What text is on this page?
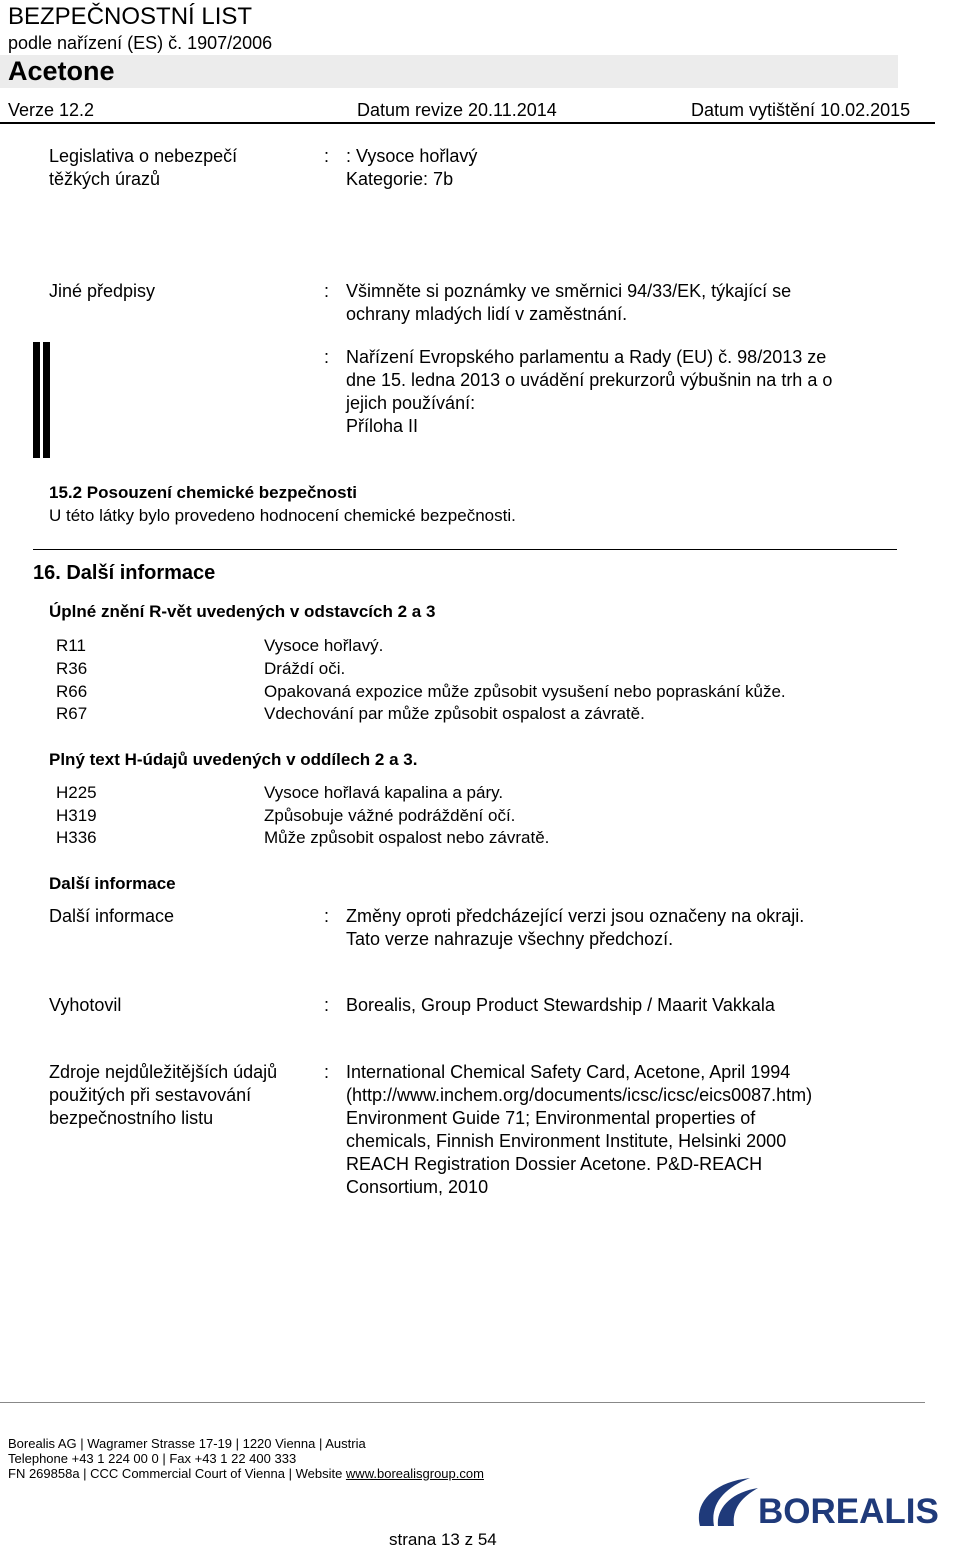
BEZPEČNOSTNÍ LIST
podle nařízení (ES) č. 1907/2006
Acetone
Verze 12.2	Datum revize 20.11.2014	Datum vytištění 10.02.2015
Legislativa o nebezpečí
těžkých úrazů
: : Vysoce hořlavý
Kategorie: 7b
Jiné předpisy	: Všimněte si poznámky ve směrnici 94/33/EK, týkající se
ochrany mladých lidí v zaměstnání.
: Nařízení Evropského parlamentu a Rady (EU) č. 98/2013 ze
dne 15. ledna 2013 o uvádění prekurzorů výbušnin na trh a o
jejich používání:
Příloha II
15.2 Posouzení chemické bezpečnosti
U této látky bylo provedeno hodnocení chemické bezpečnosti.
16. Další informace
Úplné znění R-vět uvedených v odstavcích 2 a 3
R11	Vysoce hořlavý.
R36	Dráždí oči.
R66	Opakovaná expozice může způsobit vysušení nebo popraskání kůže.
R67	Vdechování par může způsobit ospalost a závratě.
Plný text H-údajů uvedených v oddílech 2 a 3.
H225	Vysoce hořlavá kapalina a páry.
H319	Způsobuje vážné podráždění očí.
H336	Může způsobit ospalost nebo závratě.
Další informace
Další informace	: Změny oproti předcházející verzi jsou označeny na okraji.
Tato verze nahrazuje všechny předchozí.
Vyhotovil	: Borealis, Group Product Stewardship / Maarit Vakkala
Zdroje nejdůležitějších údajů
použitých při sestavování
bezpečnostního listu
: International Chemical Safety Card, Acetone, April 1994
(http://www.inchem.org/documents/icsc/icsc/eics0087.htm)
Environment Guide 71; Environmental properties of
chemicals, Finnish Environment Institute, Helsinki 2000
REACH Registration Dossier Acetone. P&D-REACH
Consortium, 2010
Borealis AG | Wagramer Strasse 17-19 | 1220 Vienna | Austria
Telephone +43 1 224 00 0 | Fax +43 1 22 400 333
FN 269858a | CCC Commercial Court of Vienna | Website www.borealisgroup.com
BOREALIS
strana 13 z 54
